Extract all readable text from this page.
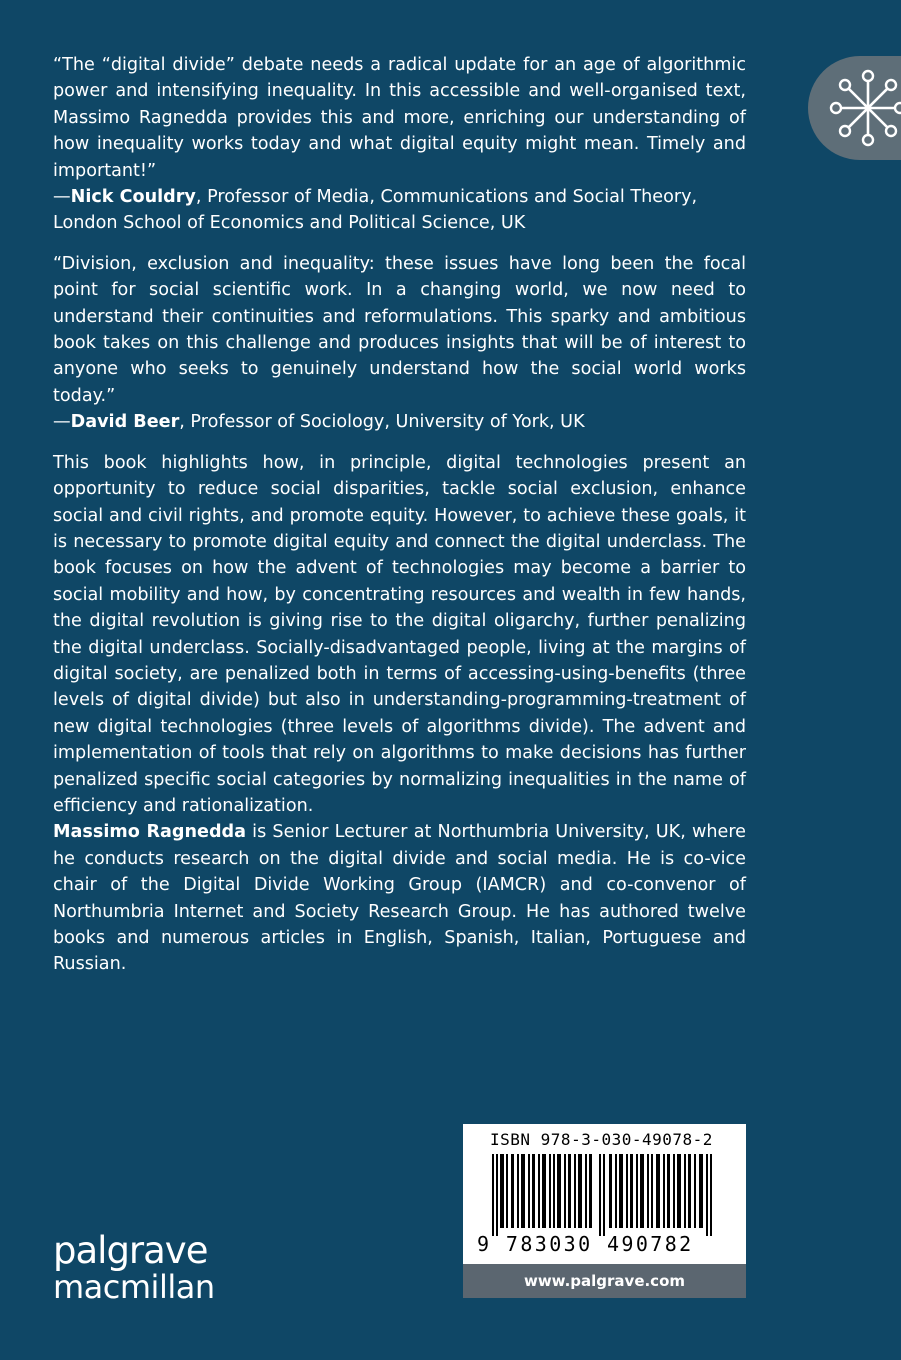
“The “digital divide” debate needs a radical update for an age of algorithmic power and intensifying inequality. In this accessible and well-organised text, Massimo Ragnedda provides this and more, enriching our understanding of how inequality works today and what digital equity might mean. Timely and important!”

—Nick Couldry, Professor of Media, Communications and Social Theory, London School of Economics and Political Science, UK

“Division, exclusion and inequality: these issues have long been the focal point for social scientific work. In a changing world, we now need to understand their continuities and reformulations. This sparky and ambitious book takes on this challenge and produces insights that will be of interest to anyone who seeks to genuinely understand how the social world works today.”

—David Beer, Professor of Sociology, University of York, UK

This book highlights how, in principle, digital technologies present an opportunity to reduce social disparities, tackle social exclusion, enhance social and civil rights, and promote equity. However, to achieve these goals, it is necessary to promote digital equity and connect the digital underclass. The book focuses on how the advent of technologies may become a barrier to social mobility and how, by concentrating resources and wealth in few hands, the digital revolution is giving rise to the digital oligarchy, further penalizing the digital underclass. Socially-disadvantaged people, living at the margins of digital society, are penalized both in terms of accessing-using-benefits (three levels of digital divide) but also in understanding-programming-treatment of new digital technologies (three levels of algorithms divide). The advent and implementation of tools that rely on algorithms to make decisions has further penalized specific social categories by normalizing inequalities in the name of efficiency and rationalization.

Massimo Ragnedda is Senior Lecturer at Northumbria University, UK, where he conducts research on the digital divide and social media. He is co-vice chair of the Digital Divide Working Group (IAMCR) and co-convenor of Northumbria Internet and Society Research Group. He has authored twelve books and numerous articles in English, Spanish, Italian, Portuguese and Russian.

palgrave
macmillan
ISBN 978-3-030-49078-2
9 783030 490782
www.palgrave.com
